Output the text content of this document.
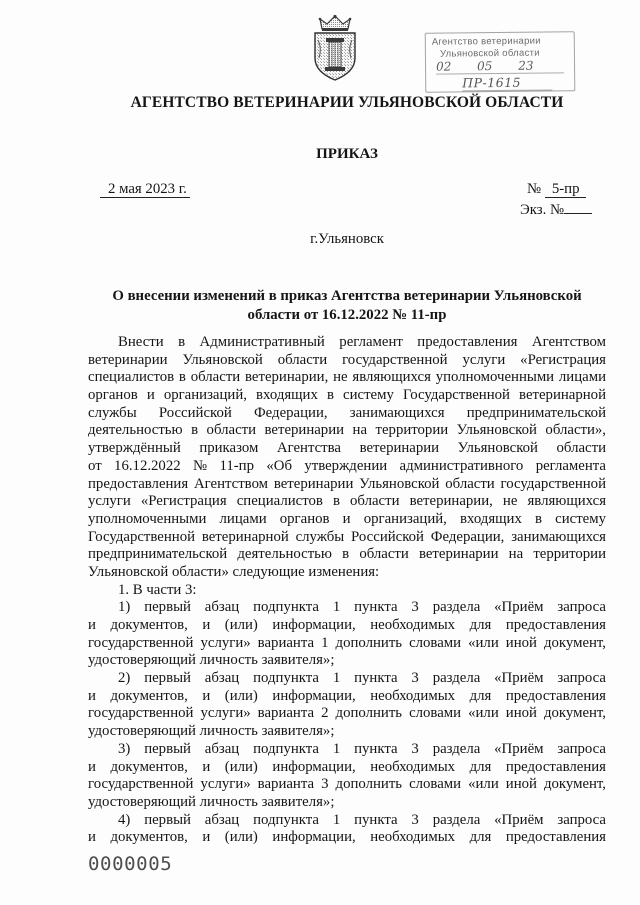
Агентство ветеринарии
Ульяновской области
02 05 23
ПР-1615
АГЕНТСТВО ВЕТЕРИНАРИИ УЛЬЯНОВСКОЙ ОБЛАСТИ
ПРИКАЗ
2 мая 2023 г.	№ 5-пр
Экз. №
г.Ульяновск
О внесении изменений в приказ Агентства ветеринарии Ульяновской
области от 16.12.2022 № 11-пр
Внести в Административный регламент предоставления Агентством
ветеринарии Ульяновской области государственной услуги «Регистрация
специалистов в области ветеринарии, не являющихся уполномоченными лицами
органов и организаций, входящих в систему Государственной ветеринарной
службы Российской Федерации, занимающихся предпринимательской
деятельностью в области ветеринарии на территории Ульяновской области»,
утверждённый приказом Агентства ветеринарии Ульяновской области
от 16.12.2022 № 11-пр «Об утверждении административного регламента
предоставления Агентством ветеринарии Ульяновской области государственной
услуги «Регистрация специалистов в области ветеринарии, не являющихся
уполномоченными лицами органов и организаций, входящих в систему
Государственной ветеринарной службы Российской Федерации, занимающихся
предпринимательской деятельностью в области ветеринарии на территории
Ульяновской области» следующие изменения:
1. В части 3:
1) первый абзац подпункта 1 пункта 3 раздела «Приём запроса
и документов, и (или) информации, необходимых для предоставления
государственной услуги» варианта 1 дополнить словами «или иной документ,
удостоверяющий личность заявителя»;
2) первый абзац подпункта 1 пункта 3 раздела «Приём запроса
и документов, и (или) информации, необходимых для предоставления
государственной услуги» варианта 2 дополнить словами «или иной документ,
удостоверяющий личность заявителя»;
3) первый абзац подпункта 1 пункта 3 раздела «Приём запроса
и документов, и (или) информации, необходимых для предоставления
государственной услуги» варианта 3 дополнить словами «или иной документ,
удостоверяющий личность заявителя»;
4) первый абзац подпункта 1 пункта 3 раздела «Приём запроса
и документов, и (или) информации, необходимых для предоставления
0000005
